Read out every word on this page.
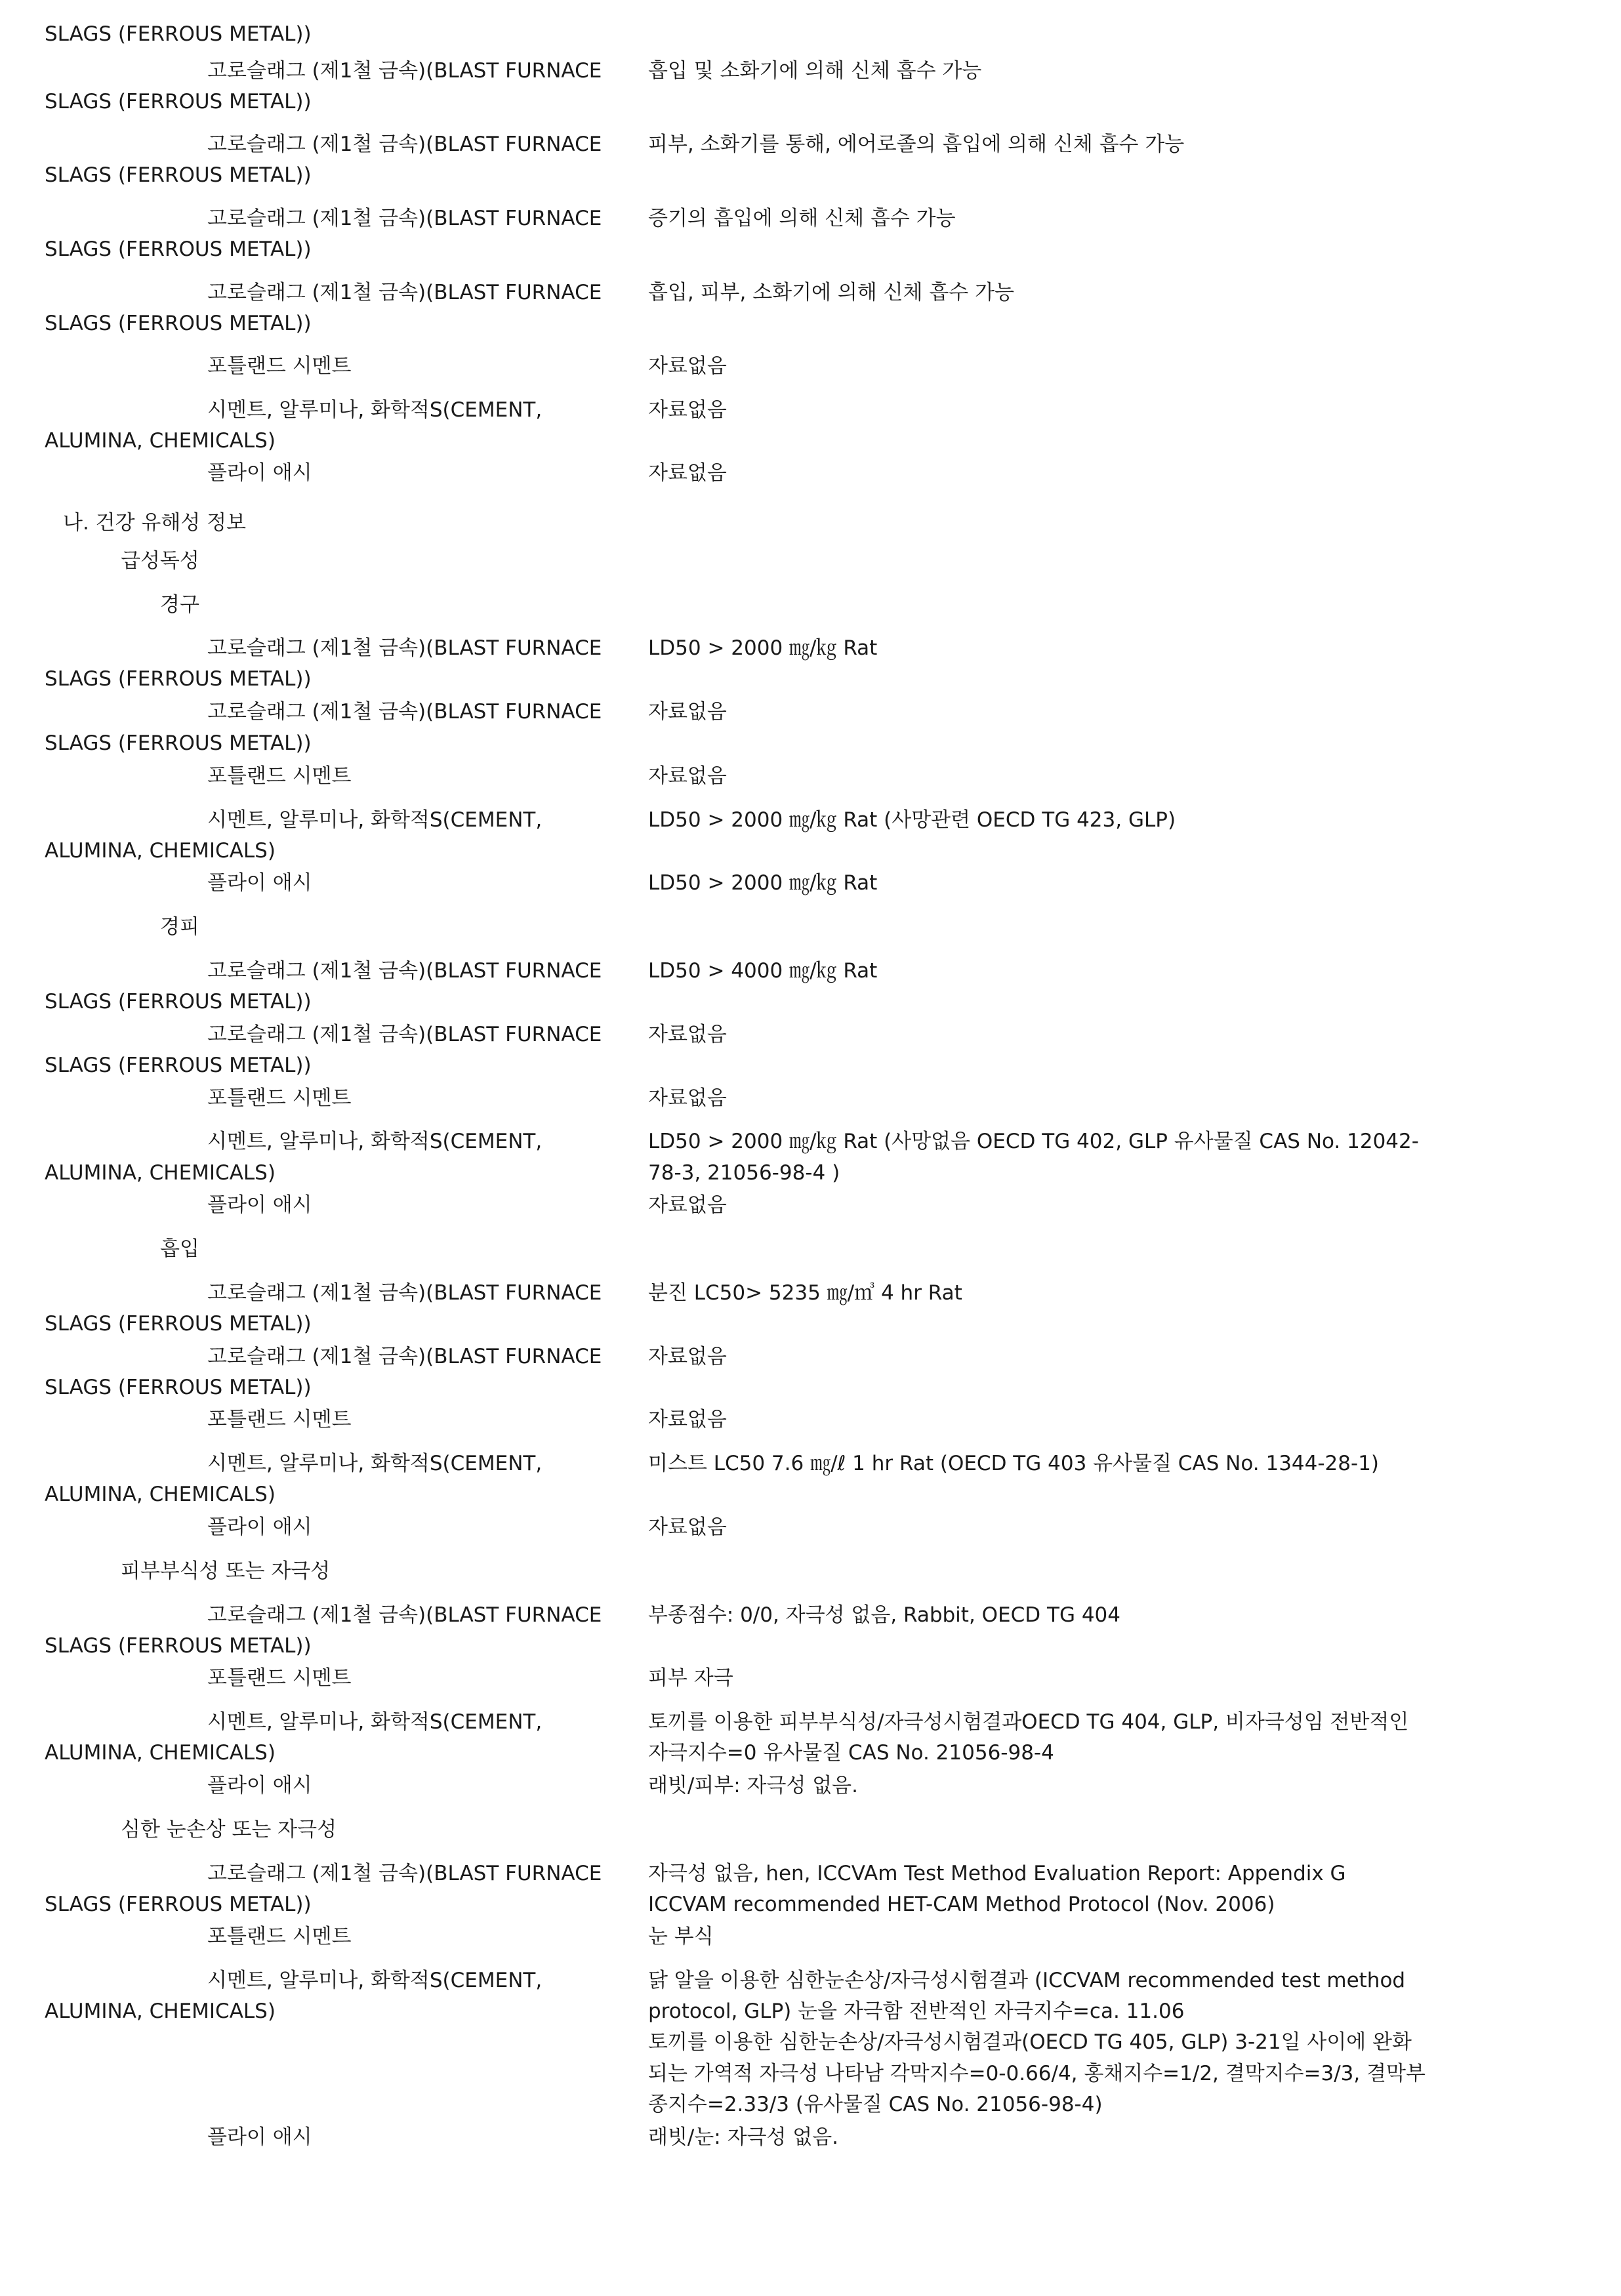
SLAGS (FERROUS METAL))
고로슬래그 (제1철 금속)(BLAST FURNACE 흡입 및 소화기에 의해 신체 흡수 가능
SLAGS (FERROUS METAL))
고로슬래그 (제1철 금속)(BLAST FURNACE 피부, 소화기를 통해, 에어로졸의 흡입에 의해 신체 흡수 가능
SLAGS (FERROUS METAL))
고로슬래그 (제1철 금속)(BLAST FURNACE 증기의 흡입에 의해 신체 흡수 가능
SLAGS (FERROUS METAL))
고로슬래그 (제1철 금속)(BLAST FURNACE 흡입, 피부, 소화기에 의해 신체 흡수 가능
SLAGS (FERROUS METAL))
포틀랜드 시멘트	자료없음
시멘트, 알루미나, 화학적S(CEMENT,	자료없음
ALUMINA, CHEMICALS)
플라이 애시	자료없음
나. 건강 유해성 정보
급성독성
경구
고로슬래그 (제1철 금속)(BLAST FURNACE LD50 > 2000 ㎎/㎏ Rat
SLAGS (FERROUS METAL))
고로슬래그 (제1철 금속)(BLAST FURNACE 자료없음
SLAGS (FERROUS METAL))
포틀랜드 시멘트	자료없음
시멘트, 알루미나, 화학적S(CEMENT,	LD50 > 2000 ㎎/㎏ Rat (사망관련 OECD TG 423, GLP)
ALUMINA, CHEMICALS)
플라이 애시	LD50 > 2000 ㎎/㎏ Rat
경피
고로슬래그 (제1철 금속)(BLAST FURNACE LD50 > 4000 ㎎/㎏ Rat
SLAGS (FERROUS METAL))
고로슬래그 (제1철 금속)(BLAST FURNACE 자료없음
SLAGS (FERROUS METAL))
포틀랜드 시멘트	자료없음
시멘트, 알루미나, 화학적S(CEMENT,	LD50 > 2000 ㎎/㎏ Rat (사망없음 OECD TG 402, GLP 유사물질 CAS No. 12042-
ALUMINA, CHEMICALS)	78-3, 21056-98-4 )
플라이 애시	자료없음
흡입
고로슬래그 (제1철 금속)(BLAST FURNACE 분진 LC50> 5235 ㎎/㎥ 4 hr Rat
SLAGS (FERROUS METAL))
고로슬래그 (제1철 금속)(BLAST FURNACE 자료없음
SLAGS (FERROUS METAL))
포틀랜드 시멘트	자료없음
시멘트, 알루미나, 화학적S(CEMENT,	미스트 LC50 7.6 ㎎/ℓ 1 hr Rat (OECD TG 403 유사물질 CAS No. 1344-28-1)
ALUMINA, CHEMICALS)
플라이 애시	자료없음
피부부식성 또는 자극성
고로슬래그 (제1철 금속)(BLAST FURNACE 부종점수: 0/0, 자극성 없음, Rabbit, OECD TG 404
SLAGS (FERROUS METAL))
포틀랜드 시멘트	피부 자극
시멘트, 알루미나, 화학적S(CEMENT,	토끼를 이용한 피부부식성/자극성시험결과OECD TG 404, GLP, 비자극성임 전반적인
ALUMINA, CHEMICALS)	자극지수=0 유사물질 CAS No. 21056-98-4
플라이 애시	래빗/피부: 자극성 없음.
심한 눈손상 또는 자극성
고로슬래그 (제1철 금속)(BLAST FURNACE 자극성 없음, hen, ICCVAm Test Method Evaluation Report: Appendix G
SLAGS (FERROUS METAL))	ICCVAM recommended HET-CAM Method Protocol (Nov. 2006)
포틀랜드 시멘트	눈 부식
시멘트, 알루미나, 화학적S(CEMENT,	닭 알을 이용한 심한눈손상/자극성시험결과 (ICCVAM recommended test method
ALUMINA, CHEMICALS)	protocol, GLP) 눈을 자극함 전반적인 자극지수=ca. 11.06
토끼를 이용한 심한눈손상/자극성시험결과(OECD TG 405, GLP) 3-21일 사이에 완화
되는 가역적 자극성 나타남 각막지수=0-0.66/4, 홍채지수=1/2, 결막지수=3/3, 결막부
종지수=2.33/3 (유사물질 CAS No. 21056-98-4)
플라이 애시	래빗/눈: 자극성 없음.
